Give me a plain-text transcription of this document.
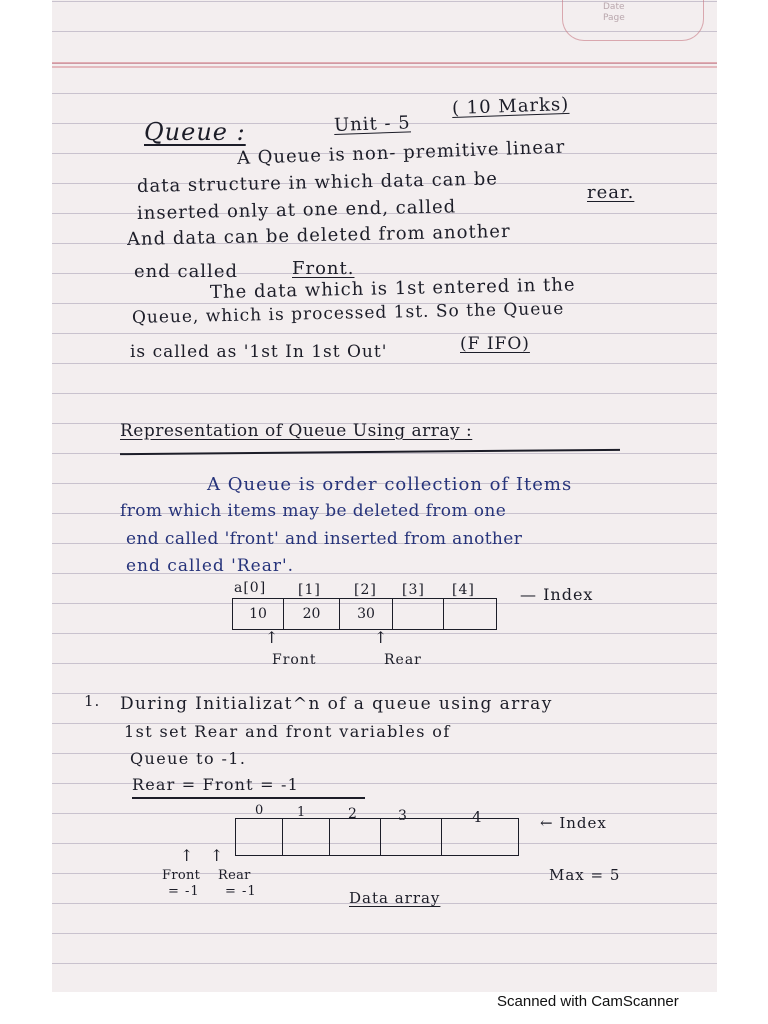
Date
Page
Queue :	Unit - 5
( 10 Marks)
A Queue is non- premitive linear
data structure in which data can be
inserted only at one end, called
rear.
And data can be deleted from another
end called	Front.
The data which is 1st entered in the
Queue, which is processed 1st. So the Queue
is called as '1st In 1st Out'	(F IFO)
Representation of Queue Using array :
A Queue is order collection of Items
from which items may be deleted from one
end called 'front' and inserted from another
end called 'Rear'.
a[0] [1] [2] [3] [4]	— Index
10	20	30
↑	↑
Front	Rear
1. During Initializat^n of a queue using array
1st set Rear and front variables of
Queue to -1.
Rear = Front = -1
0	1	2	3	4	← Index
↑ ↑
Front Rear
= -1 = -1
Max = 5
Data array
Scanned with CamScanner
